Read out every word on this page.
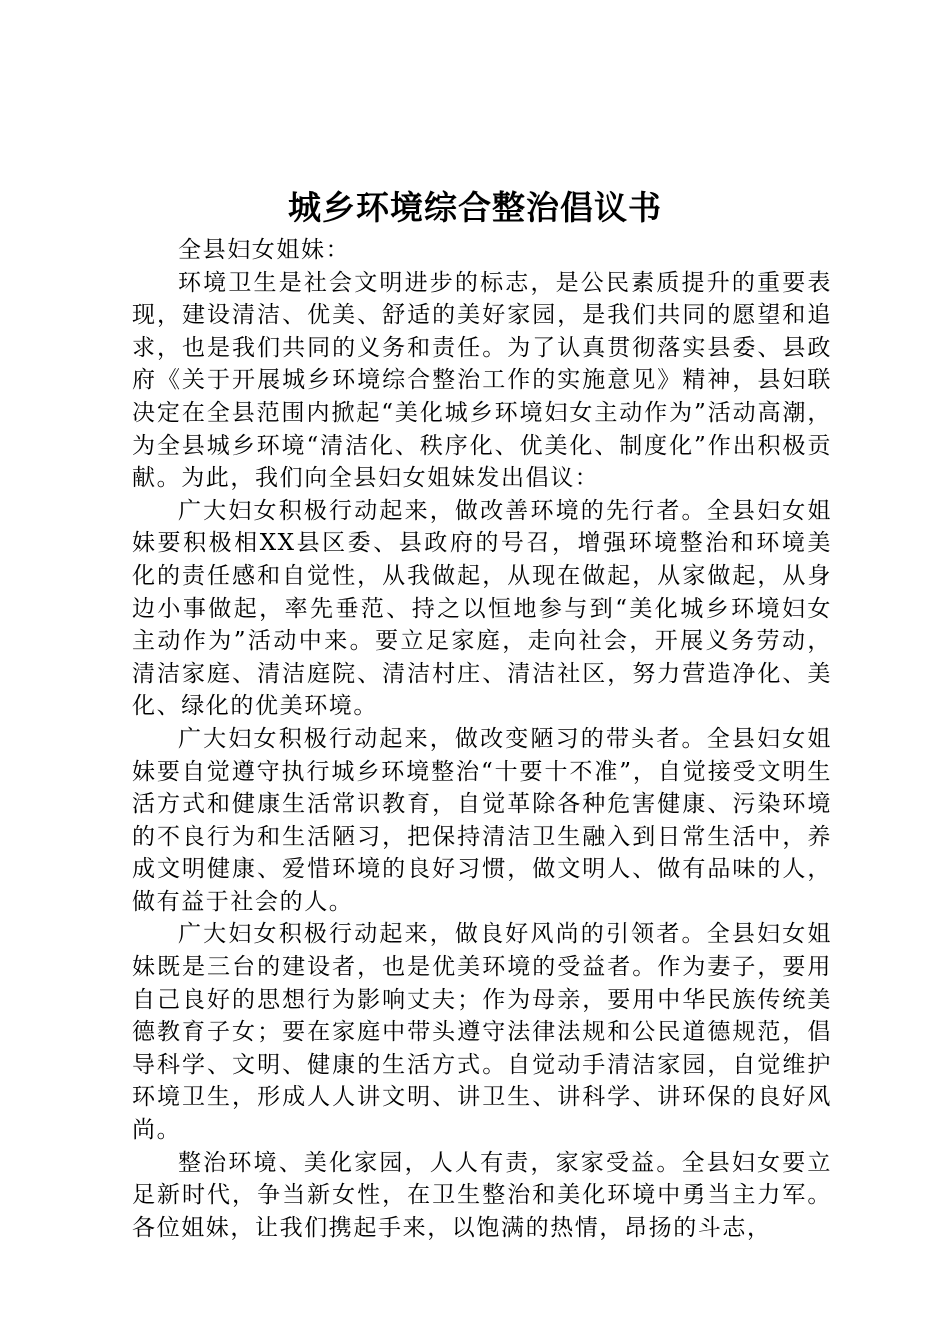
城乡环境综合整治倡议书

全县妇女姐妹：

环境卫生是社会文明进步的标志，是公民素质提升的重要表现，建设清洁、优美、舒适的美好家园，是我们共同的愿望和追求，也是我们共同的义务和责任。为了认真贯彻落实县委、县政府《关于开展城乡环境综合整治工作的实施意见》精神，县妇联决定在全县范围内掀起“美化城乡环境妇女主动作为”活动高潮，为全县城乡环境“清洁化、秩序化、优美化、制度化”作出积极贡献。为此，我们向全县妇女姐妹发出倡议：

广大妇女积极行动起来，做改善环境的先行者。全县妇女姐妹要积极相XX县区委、县政府的号召，增强环境整治和环境美化的责任感和自觉性，从我做起，从现在做起，从家做起，从身边小事做起，率先垂范、持之以恒地参与到“美化城乡环境妇女主动作为”活动中来。要立足家庭，走向社会，开展义务劳动，清洁家庭、清洁庭院、清洁村庄、清洁社区，努力营造净化、美化、绿化的优美环境。

广大妇女积极行动起来，做改变陋习的带头者。全县妇女姐妹要自觉遵守执行城乡环境整治“十要十不准”，自觉接受文明生活方式和健康生活常识教育，自觉革除各种危害健康、污染环境的不良行为和生活陋习，把保持清洁卫生融入到日常生活中，养成文明健康、爱惜环境的良好习惯，做文明人、做有品味的人，做有益于社会的人。

广大妇女积极行动起来，做良好风尚的引领者。全县妇女姐妹既是三台的建设者，也是优美环境的受益者。作为妻子，要用自己良好的思想行为影响丈夫；作为母亲，要用中华民族传统美德教育子女；要在家庭中带头遵守法律法规和公民道德规范，倡导科学、文明、健康的生活方式。自觉动手清洁家园，自觉维护环境卫生，形成人人讲文明、讲卫生、讲科学、讲环保的良好风尚。

整治环境、美化家园，人人有责，家家受益。全县妇女要立足新时代，争当新女性，在卫生整治和美化环境中勇当主力军。各位姐妹，让我们携起手来，以饱满的热情，昂扬的斗志，
